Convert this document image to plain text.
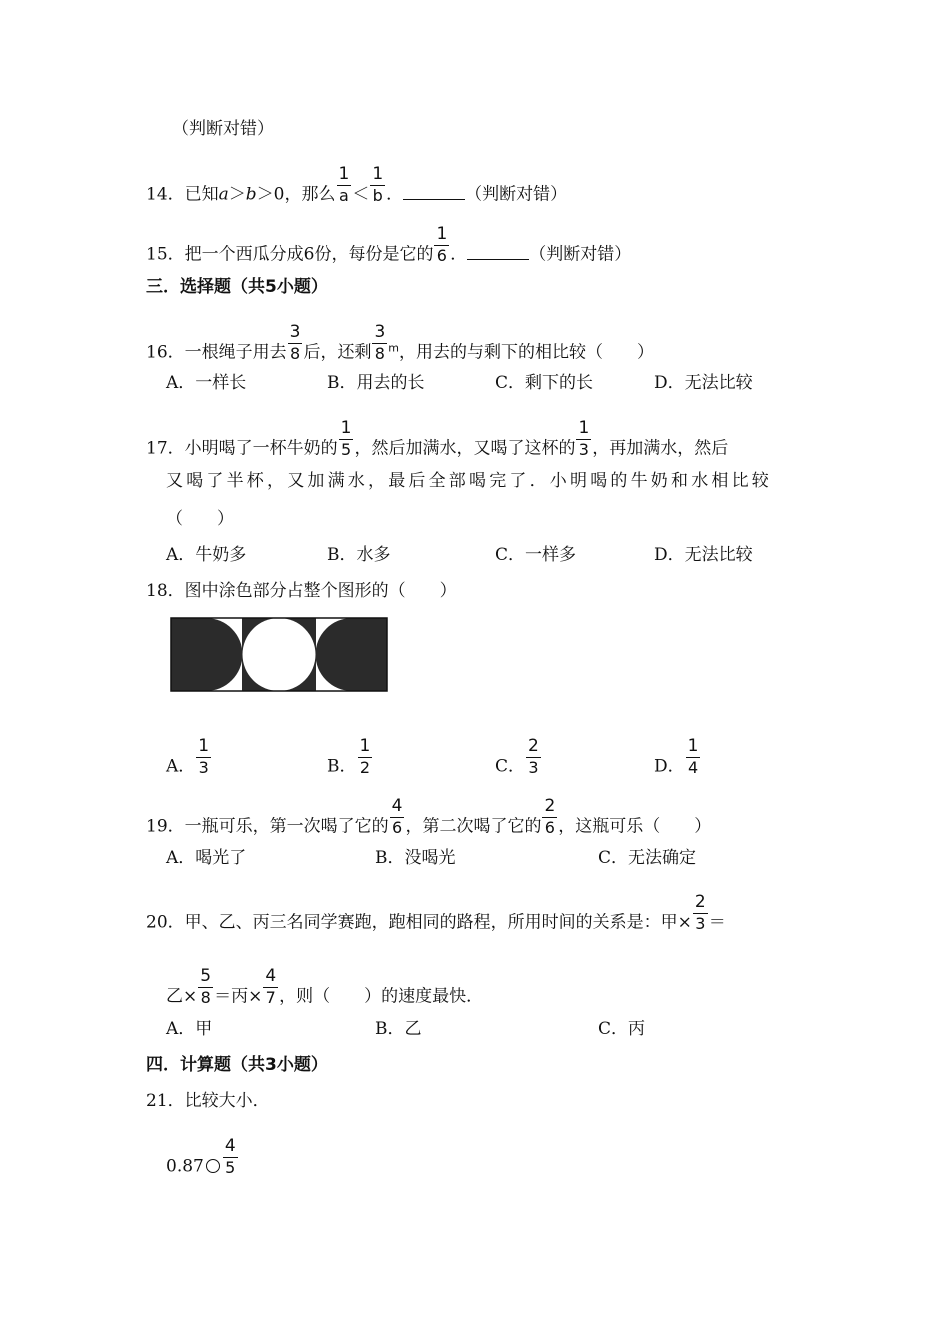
（判断对错）
14．已知a＞b＞0，那么 $\frac{1}{a} < \frac{1}{b}$ ．	（判断对错）
15．把一个西瓜分成6份，每份是它的 $\frac{1}{6}$ ．	（判断对错）
三．选择题（共5小题）
16．一根绳子用去 $\frac{3}{8}$ 后，还剩 $\frac{3}{8} ^m$，用去的与剩下的相比较（　　）
A．一样长	B．用去的长	C．剩下的长	D．无法比较
17．小明喝了一杯牛奶的 $\frac{1}{5}$ ，然后加满水，又喝了这杯的 $\frac{1}{3}$ ，再加满水，然后
又喝了半杯，又加满水，最后全部喝完了．小明喝的牛奶和水相比较
（　　）
A．牛奶多	B．水多	C．一样多	D．无法比较
18．图中涂色部分占整个图形的（　　）
A． $\frac{1}{3}$	B． $\frac{1}{2}$	C． $\frac{2}{3}$	D． $\frac{1}{4}$
19．一瓶可乐，第一次喝了它的 $\frac{4}{6}$ ，第二次喝了它的 $\frac{2}{6}$ ，这瓶可乐（　　）
A．喝光了	B．没喝光	C．无法确定
20．甲、乙、丙三名同学赛跑，跑相同的路程，所用时间的关系是：甲× $\frac{2}{3}$ ＝
乙× $\frac{5}{8}$ ＝丙× $\frac{4}{7}$ ，则（　　）的速度最快．
A．甲	B．乙	C．丙
四．计算题（共3小题）
21．比较大小．
$0.87 \frac{4}{5}$
